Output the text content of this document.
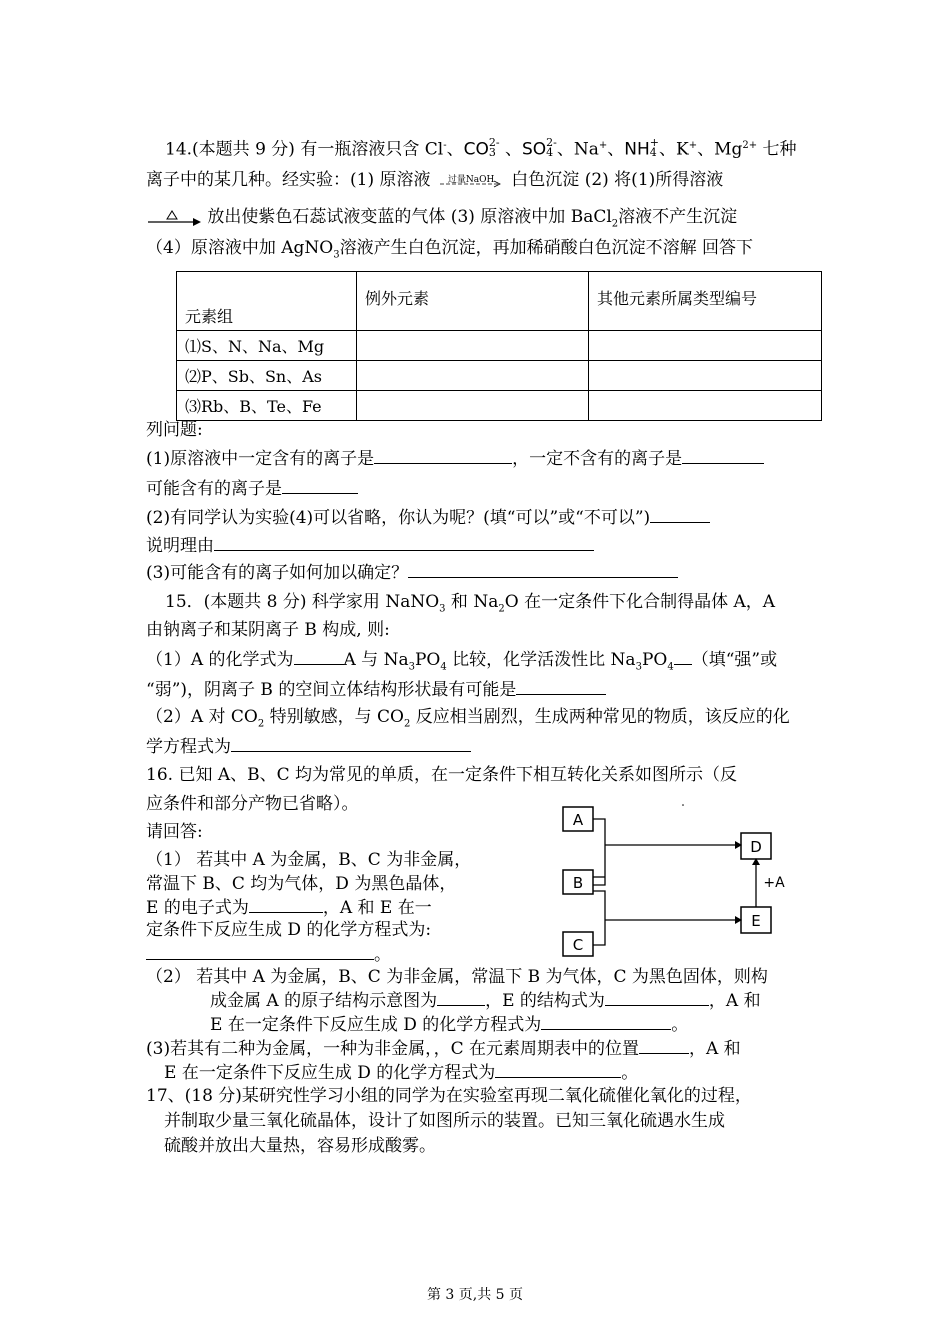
14.(本题共 9 分) 有一瓶溶液只含 Cl-、CO2-
3 、SO2-
4 、Na+、NH+
4 、K+、$Mg^{2+}$ 七种
离子中的某几种。经实验：(1) 原溶液 过量NaOH 白色沉淀 (2) 将(1)所得溶液
放出使紫色石蕊试液变蓝的气体 (3) 原溶液中加 BaCl$_2$溶液不产生沉淀
（4）原溶液中加 AgNO$_3$溶液产生白色沉淀，再加稀硝酸白色沉淀不溶解 回答下
元素组	例外元素	其他元素所属类型编号
⑴S、N、Na、Mg		
⑵P、Sb、Sn、As		
⑶Rb、B、Te、Fe		
列问题:
(1)原溶液中一定含有的离子是	，一定不含有的离子是
可能含有的离子是
(2)有同学认为实验(4)可以省略，你认为呢？(填“可以”或“不可以”)
说明理由
(3)可能含有的离子如何加以确定？
15．(本题共 8 分) 科学家用 NaNO$_3$ 和 $Na_2O$ 在一定条件下化合制得晶体 A，A
由钠离子和某阴离子 B 构成, 则:
（1）A 的化学式为	A 与 $Na_3PO_4$ 比较，化学活泼性比 $Na_3PO_4$ （填“强”或
“弱”)，阴离子 B 的空间立体结构形状最有可能是
（2）A 对 $CO_2$ 特别敏感，与 $CO_2$ 反应相当剧烈，生成两种常见的物质，该反应的化
学方程式为
16. 已知 A、B、C 均为常见的单质，在一定条件下相互转化关系如图所示（反
应条件和部分产物已省略）。
请回答:
（1） 若其中 A 为金属，B、C 为非金属，
常温下 B、C 均为气体，D 为黑色晶体，
E 的电子式为	，A 和 E 在一
定条件下反应生成 D 的化学方程式为:
。
A
B
C
D
E
+A
（2） 若其中 A 为金属，B、C 为非金属，常温下 B 为气体，C 为黑色固体，则构
成金属 A 的原子结构示意图为	，E 的结构式为	，A 和
E 在一定条件下反应生成 D 的化学方程式为	。
(3)若其有二种为金属，一种为非金属，，C 在元素周期表中的位置	，A 和
E 在一定条件下反应生成 D 的化学方程式为	。
17、(18 分)某研究性学习小组的同学为在实验室再现二氧化硫催化氧化的过程，
并制取少量三氧化硫晶体，设计了如图所示的装置。已知三氧化硫遇水生成
硫酸并放出大量热，容易形成酸雾。
第 3 页,共 5 页
